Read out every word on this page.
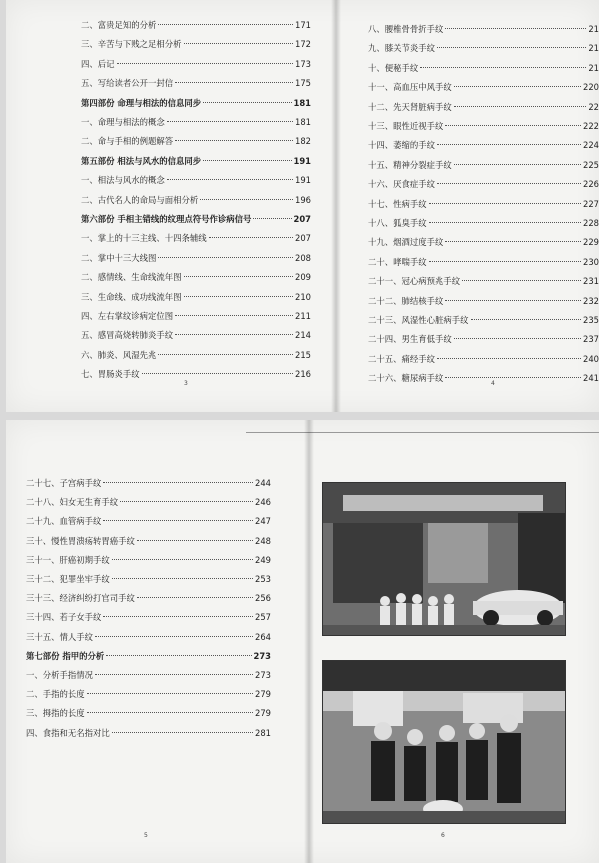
二、富贵足知的分析	171
三、辛苦与下贱之足相分析	172
四、后记	173
五、写给读者公开一封信	175
第四部份 命理与相法的信息同步	181
一、命理与相法的概念	181
二、命与手相的例题解答	182
第五部份 相法与风水的信息同步	191
一、相法与风水的概念	191
二、古代名人的命局与面相分析	196
第六部份 手相主错线的纹理点符号作诊病信号	207
一、掌上的十三主线、十四条辅线	207
二、掌中十三大线图	208
二、感情线、生命线流年图	209
三、生命线、成功线流年图	210
四、左右掌纹诊病定位图	211
五、感冒高烧转肺炎手纹	214
六、肺炎、风湿先兆	215
七、胃肠炎手纹	216
八、腰椎骨骨折手纹	21
九、膝关节炎手纹	21
十、便秘手纹	21
十一、高血压中风手纹	220
十二、先天肾脏病手纹	22
十三、眼性近视手纹	222
十四、萎缩的手纹	224
十五、精神分裂症手纹	225
十六、厌食症手纹	226
十七、性病手纹	227
十八、狐臭手纹	228
十九、烟酒过度手纹	229
二十、哮喘手纹	230
二十一、冠心病预兆手纹	231
二十二、肺结核手纹	232
二十三、风湿性心脏病手纹	235
二十四、男生育低手纹	237
二十五、痛经手纹	240
二十六、糖尿病手纹	241
3	4
二十七、子宫病手纹	244
二十八、妇女无生育手纹	246
二十九、血管病手纹	247
三十、慢性胃溃疡转胃癌手纹	248
三十一、肝癌初期手纹	249
三十二、犯罪坐牢手纹	253
三十三、经济纠纷打官司手纹	256
三十四、若子女手纹	257
三十五、情人手纹	264
第七部份 指甲的分析	273
一、分析手指情况	273
二、手指的长度	279
三、拇指的长度	279
四、食指和无名指对比	281
5	6
